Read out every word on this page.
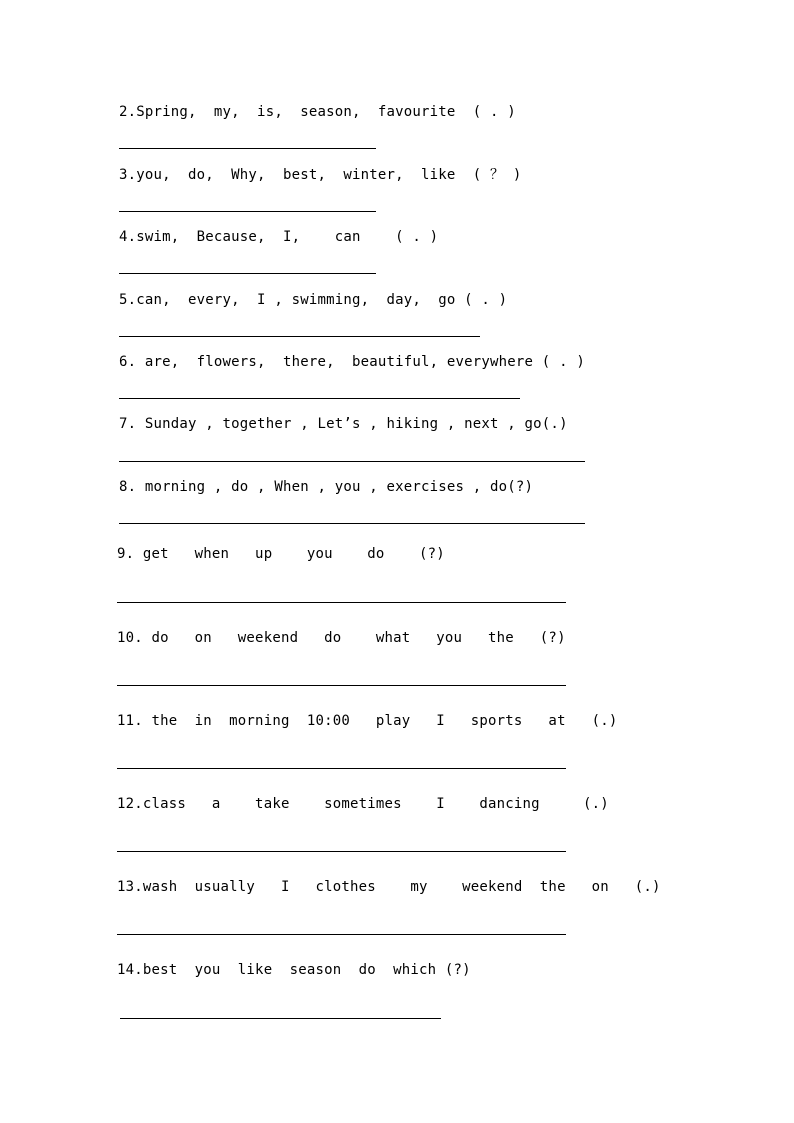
2.Spring,  my,  is,  season,  favourite  ( . )
3.you,  do,  Why,  best,  winter,  like  ( ？ )
4.swim,  Because,  I,    can    ( . )
5.can,  every,  I , swimming,  day,  go ( . )
6. are,  flowers,  there,  beautiful, everywhere ( . )
7. Sunday , together , Let’s , hiking , next , go(.)
8. morning , do , When , you , exercises , do(?)
9. get   when   up    you    do    (?)
10. do   on   weekend   do    what   you   the   (?)
11. the  in  morning  10:00   play   I   sports   at   (.)
12.class   a    take    sometimes    I    dancing     (.)
13.wash  usually   I   clothes    my    weekend  the   on   (.)
14.best  you  like  season  do  which (?)
